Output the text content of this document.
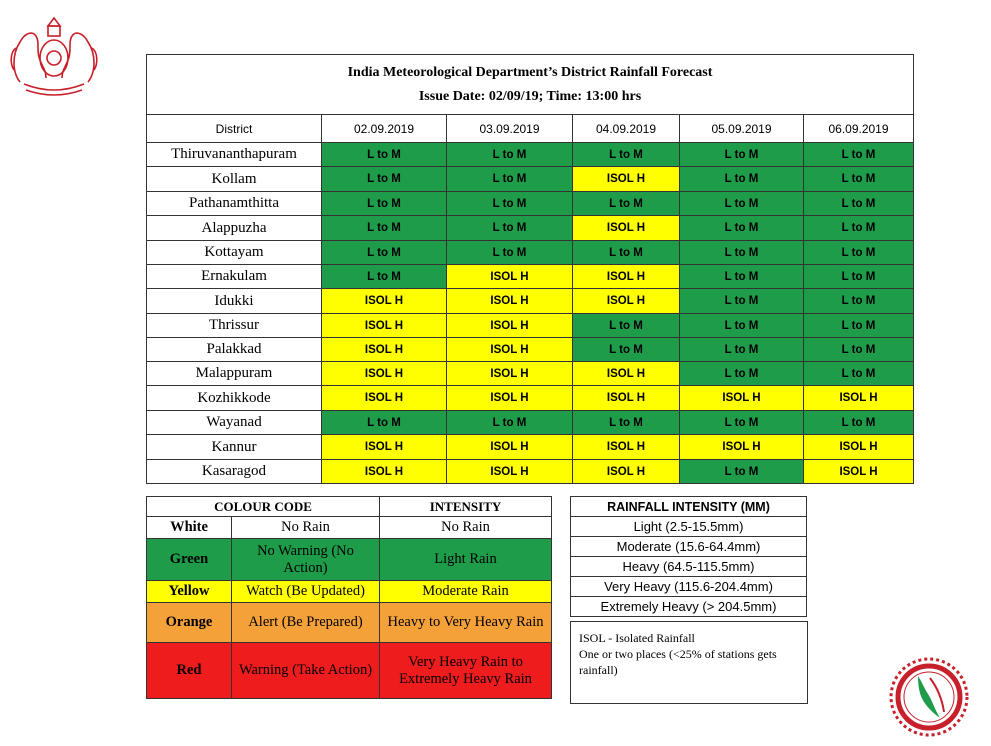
India Meteorological Department’s District Rainfall Forecast
Issue Date: 02/09/19; Time: 13:00 hrs					

District	02.09.2019	03.09.2019	04.09.2019	05.09.2019	06.09.2019
Thiruvananthapuram	L to M	L to M	L to M	L to M	L to M
Kollam	L to M	L to M	ISOL H	L to M	L to M
Pathanamthitta	L to M	L to M	L to M	L to M	L to M
Alappuzha	L to M	L to M	ISOL H	L to M	L to M
Kottayam	L to M	L to M	L to M	L to M	L to M
Ernakulam	L to M	ISOL H	ISOL H	L to M	L to M
Idukki	ISOL H	ISOL H	ISOL H	L to M	L to M
Thrissur	ISOL H	ISOL H	L to M	L to M	L to M
Palakkad	ISOL H	ISOL H	L to M	L to M	L to M
Malappuram	ISOL H	ISOL H	ISOL H	L to M	L to M
Kozhikkode	ISOL H	ISOL H	ISOL H	ISOL H	ISOL H
Wayanad	L to M	L to M	L to M	L to M	L to M
Kannur	ISOL H	ISOL H	ISOL H	ISOL H	ISOL H
Kasaragod	ISOL H	ISOL H	ISOL H	L to M	ISOL H
COLOUR CODE		INTENSITY
White	No Rain	No Rain
Green	No Warning (No Action)	Light Rain
Yellow	Watch (Be Updated)	Moderate Rain
Orange	Alert (Be Prepared)	Heavy to Very Heavy Rain
Red	Warning (Take Action)	Very Heavy Rain to Extremely Heavy Rain
RAINFALL INTENSITY (MM)
Light (2.5-15.5mm)
Moderate (15.6-64.4mm)
Heavy (64.5-115.5mm)
Very Heavy (115.6-204.4mm)
Extremely Heavy (> 204.5mm)
ISOL - Isolated Rainfall
One or two places (<25% of stations gets rainfall)
